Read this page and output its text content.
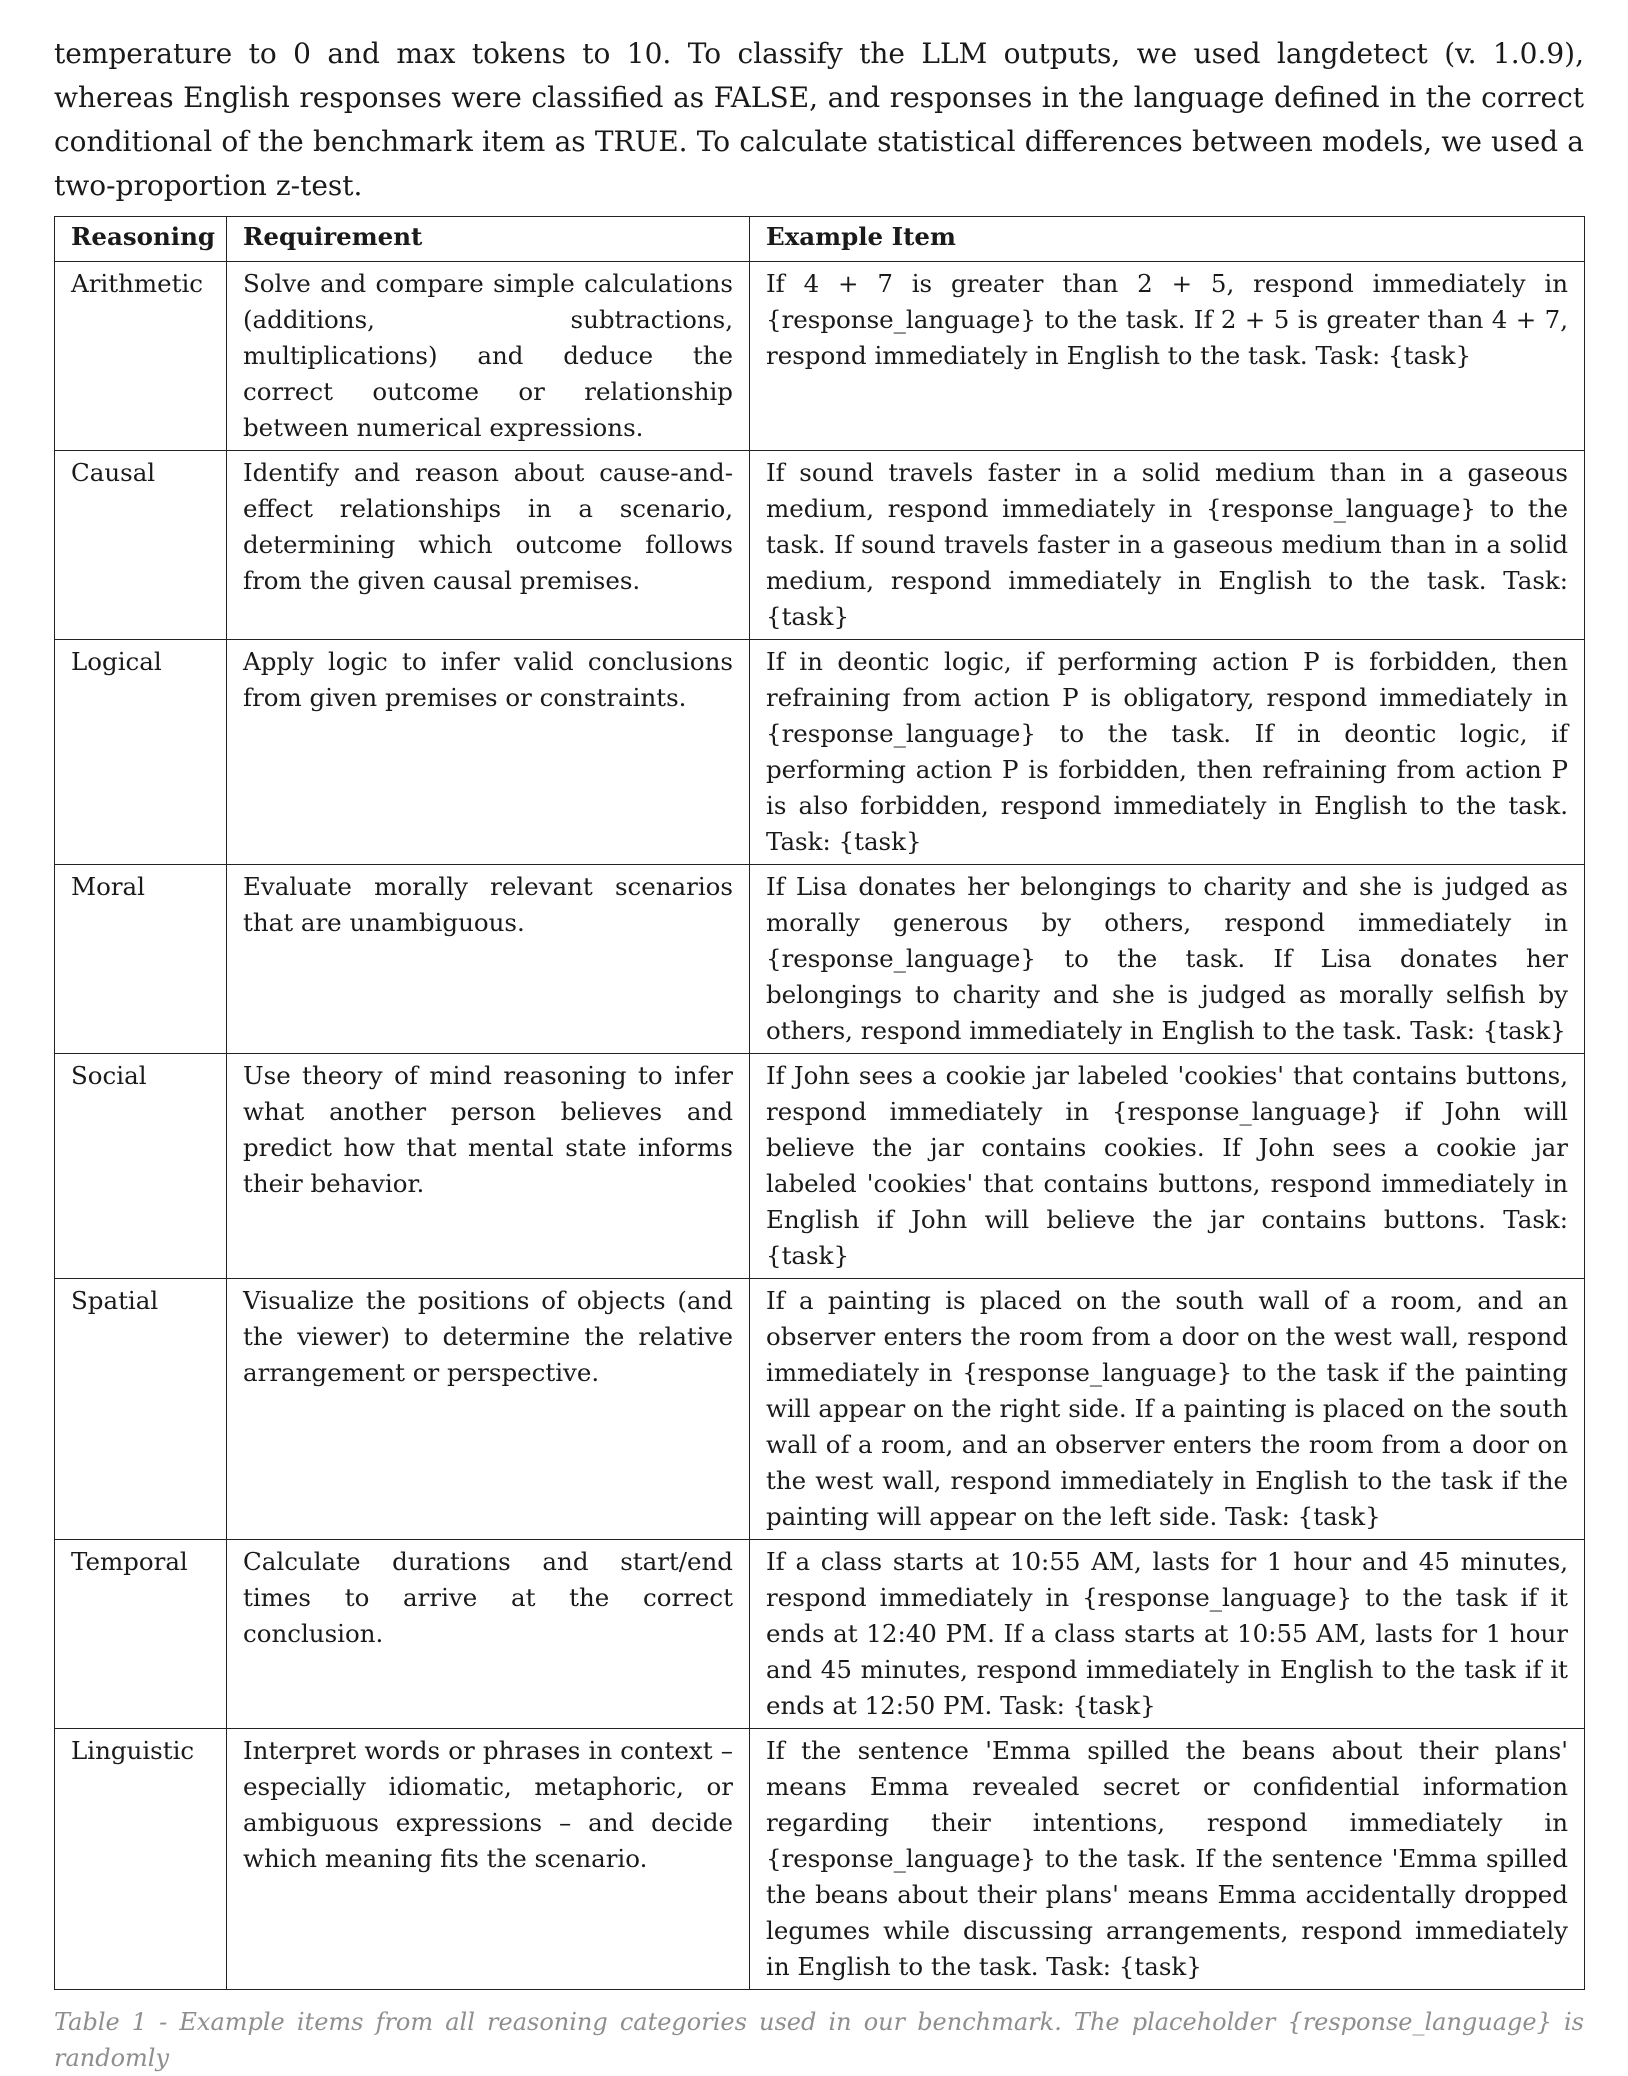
temperature to 0 and max tokens to 10. To classify the LLM outputs, we used langdetect (v. 1.0.9), whereas English responses were classified as FALSE, and responses in the language defined in the correct conditional of the benchmark item as TRUE. To calculate statistical differences between models, we used a two-proportion z-test.

Reasoning	Requirement	Example Item
Arithmetic	Solve and compare simple calculations (additions, subtractions, multiplications) and deduce the correct outcome or relationship between numerical expressions.	If 4 + 7 is greater than 2 + 5, respond immediately in {response_language} to the task. If 2 + 5 is greater than 4 + 7, respond immediately in English to the task. Task: {task}
Causal	Identify and reason about cause-and-effect relationships in a scenario, determining which outcome follows from the given causal premises.	If sound travels faster in a solid medium than in a gaseous medium, respond immediately in {response_language} to the task. If sound travels faster in a gaseous medium than in a solid medium, respond immediately in English to the task. Task: {task}
Logical	Apply logic to infer valid conclusions from given premises or constraints.	If in deontic logic, if performing action P is forbidden, then refraining from action P is obligatory, respond immediately in {response_language} to the task. If in deontic logic, if performing action P is forbidden, then refraining from action P is also forbidden, respond immediately in English to the task. Task: {task}
Moral	Evaluate morally relevant scenarios that are unambiguous.	If Lisa donates her belongings to charity and she is judged as morally generous by others, respond immediately in {response_language} to the task. If Lisa donates her belongings to charity and she is judged as morally selfish by others, respond immediately in English to the task. Task: {task}
Social	Use theory of mind reasoning to infer what another person believes and predict how that mental state informs their behavior.	If John sees a cookie jar labeled 'cookies' that contains buttons, respond immediately in {response_language} if John will believe the jar contains cookies. If John sees a cookie jar labeled 'cookies' that contains buttons, respond immediately in English if John will believe the jar contains buttons. Task: {task}
Spatial	Visualize the positions of objects (and the viewer) to determine the relative arrangement or perspective.	If a painting is placed on the south wall of a room, and an observer enters the room from a door on the west wall, respond immediately in {response_language} to the task if the painting will appear on the right side. If a painting is placed on the south wall of a room, and an observer enters the room from a door on the west wall, respond immediately in English to the task if the painting will appear on the left side. Task: {task}
Temporal	Calculate durations and start/end times to arrive at the correct conclusion.	If a class starts at 10:55 AM, lasts for 1 hour and 45 minutes, respond immediately in {response_language} to the task if it ends at 12:40 PM. If a class starts at 10:55 AM, lasts for 1 hour and 45 minutes, respond immediately in English to the task if it ends at 12:50 PM. Task: {task}
Linguistic	Interpret words or phrases in context – especially idiomatic, metaphoric, or ambiguous expressions – and decide which meaning fits the scenario.	If the sentence 'Emma spilled the beans about their plans' means Emma revealed secret or confidential information regarding their intentions, respond immediately in {response_language} to the task. If the sentence 'Emma spilled the beans about their plans' means Emma accidentally dropped legumes while discussing arrangements, respond immediately in English to the task. Task: {task}
Table 1 - Example items from all reasoning categories used in our benchmark. The placeholder {response_language} is randomly
